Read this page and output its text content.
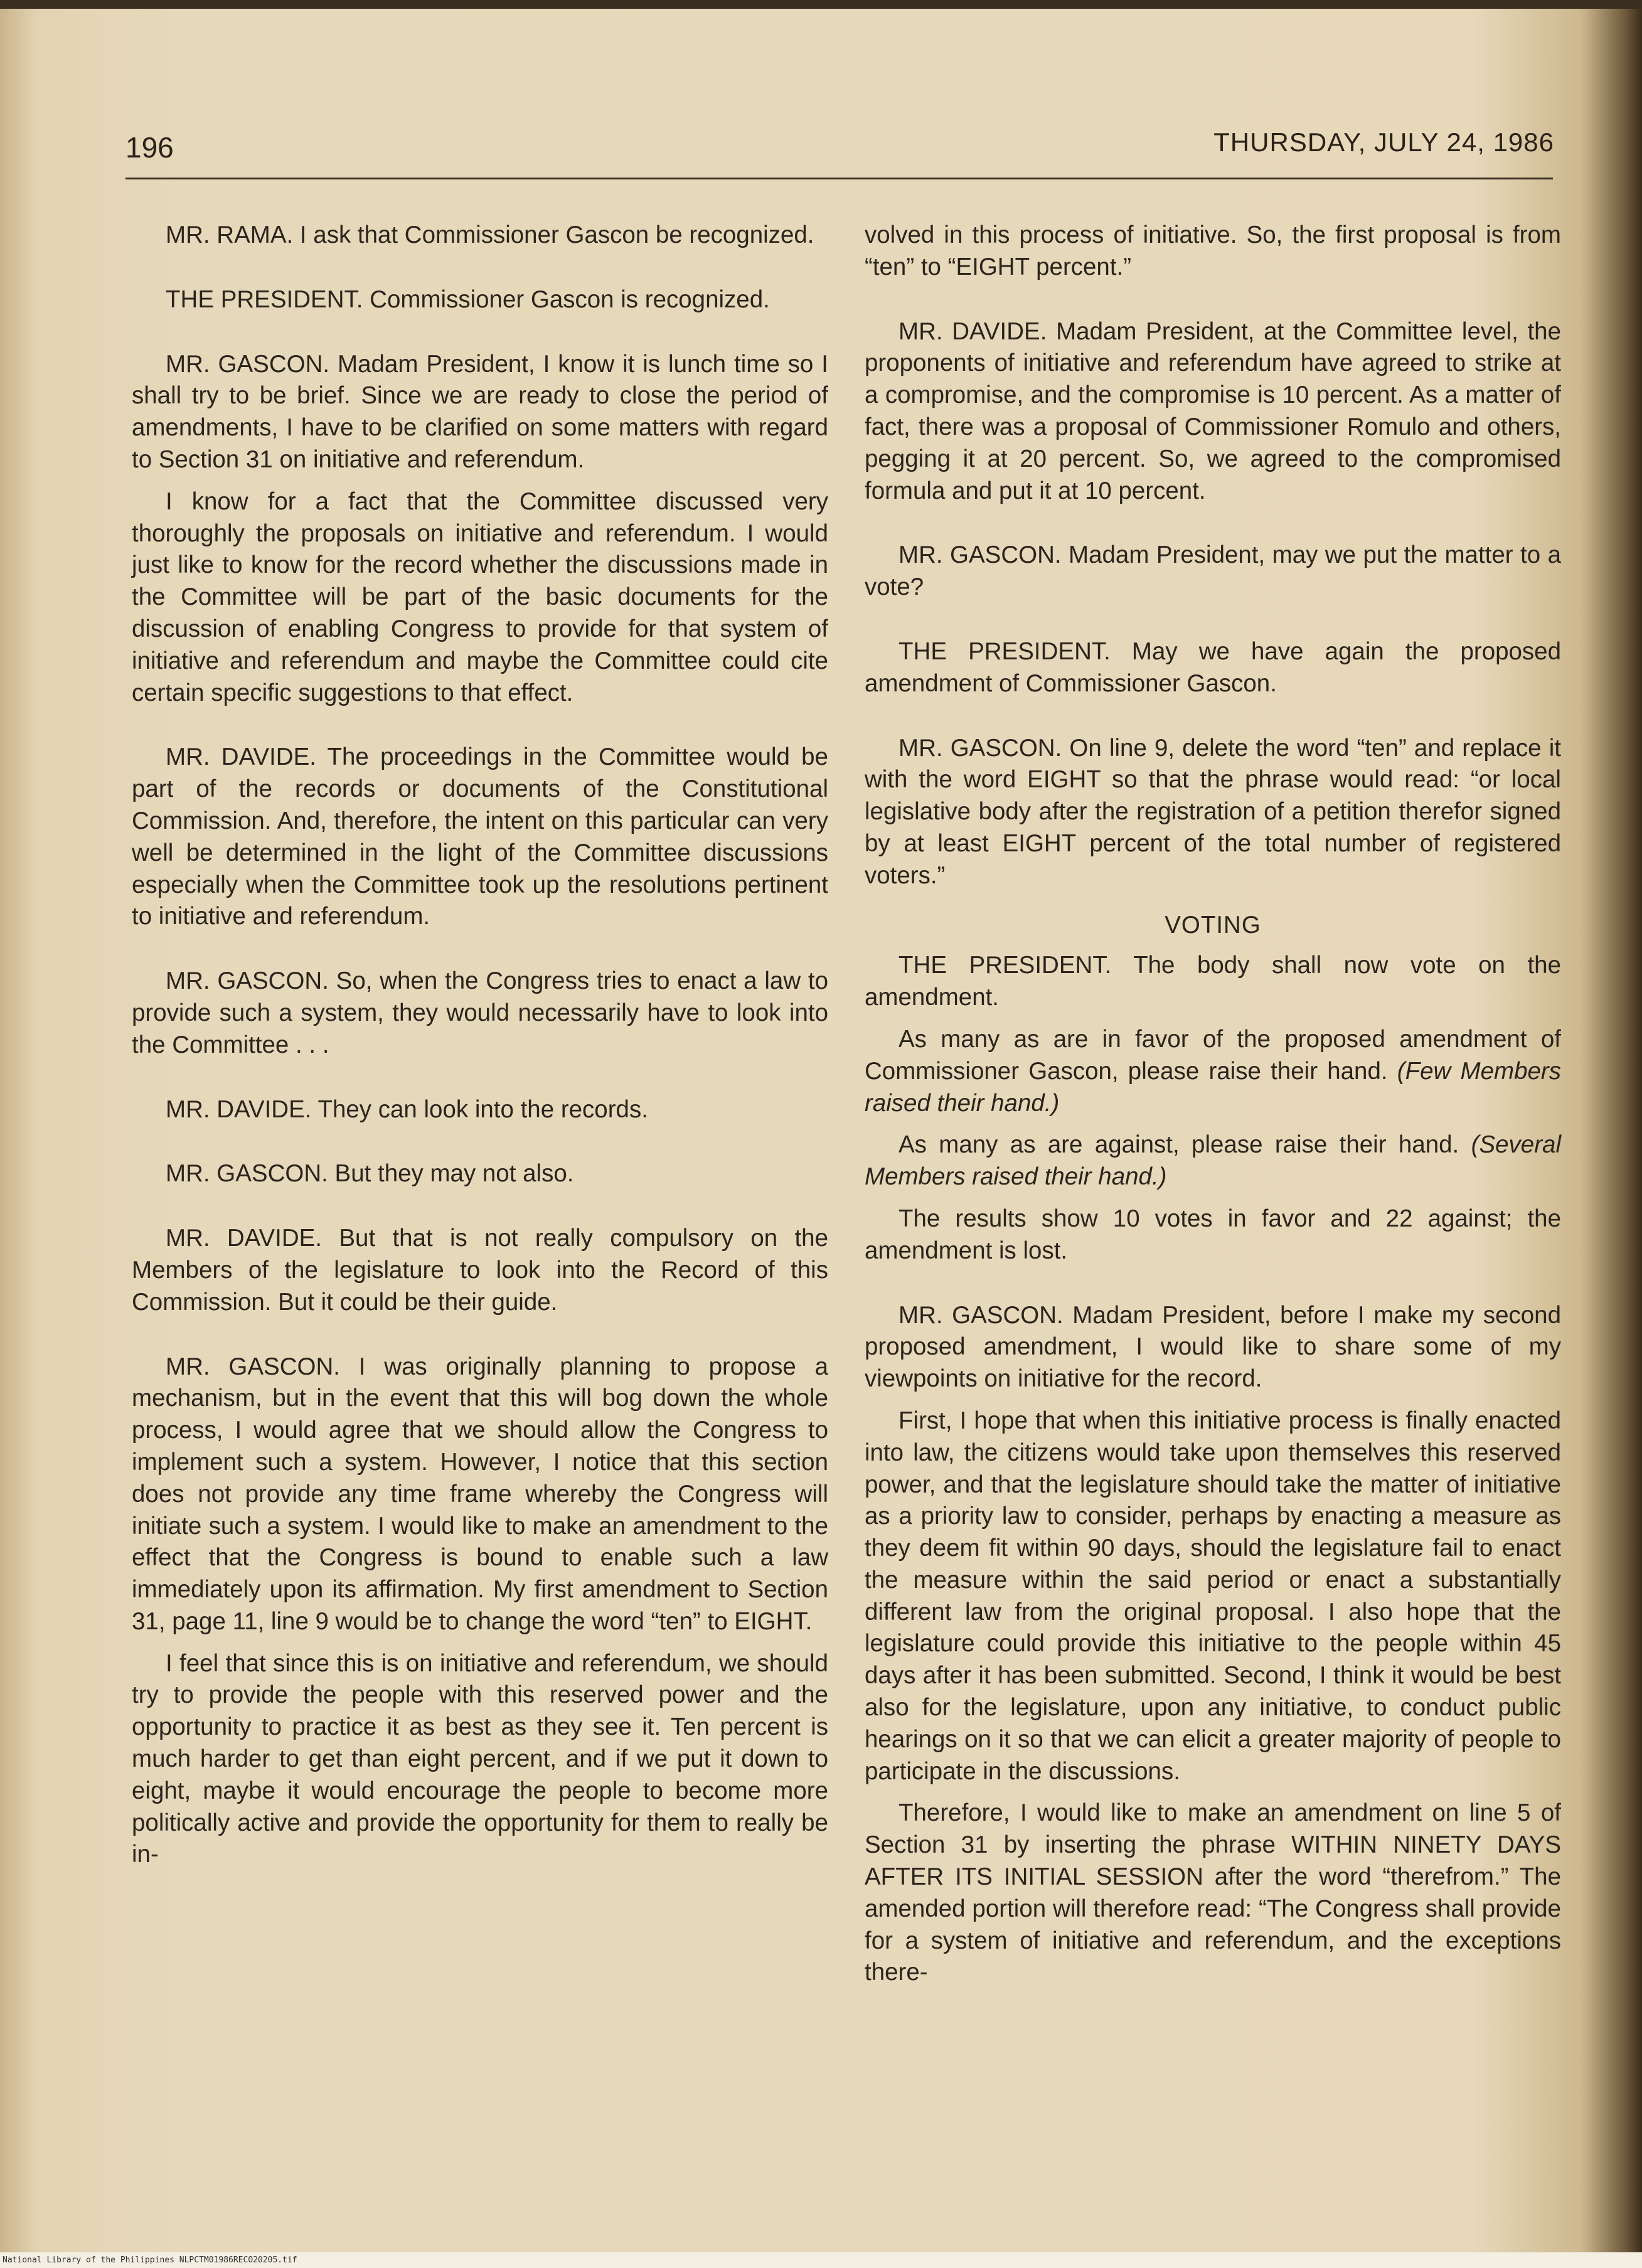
196	THURSDAY, JULY 24, 1986

MR. RAMA. I ask that Commissioner Gascon be recognized.

THE PRESIDENT. Commissioner Gascon is recognized.

MR. GASCON. Madam President, I know it is lunch time so I shall try to be brief. Since we are ready to close the period of amendments, I have to be clarified on some matters with regard to Section 31 on initiative and referendum.

I know for a fact that the Committee discussed very thoroughly the proposals on initiative and referendum. I would just like to know for the record whether the discussions made in the Committee will be part of the basic documents for the discussion of enabling Congress to provide for that system of initiative and referendum and maybe the Committee could cite certain specific suggestions to that effect.

MR. DAVIDE. The proceedings in the Committee would be part of the records or documents of the Constitutional Commission. And, therefore, the intent on this particular can very well be determined in the light of the Committee discussions especially when the Committee took up the resolutions pertinent to initiative and referendum.

MR. GASCON. So, when the Congress tries to enact a law to provide such a system, they would necessarily have to look into the Committee . . .

MR. DAVIDE. They can look into the records.

MR. GASCON. But they may not also.

MR. DAVIDE. But that is not really compulsory on the Members of the legislature to look into the Record of this Commission. But it could be their guide.

MR. GASCON. I was originally planning to propose a mechanism, but in the event that this will bog down the whole process, I would agree that we should allow the Congress to implement such a system. However, I notice that this section does not provide any time frame whereby the Congress will initiate such a system. I would like to make an amendment to the effect that the Congress is bound to enable such a law immediately upon its affirmation. My first amendment to Section 31, page 11, line 9 would be to change the word “ten” to EIGHT.

I feel that since this is on initiative and referendum, we should try to provide the people with this reserved power and the opportunity to practice it as best as they see it. Ten percent is much harder to get than eight percent, and if we put it down to eight, maybe it would encourage the people to become more politically active and provide the opportunity for them to really be in-

volved in this process of initiative. So, the first proposal is from “ten” to “EIGHT percent.”

MR. DAVIDE. Madam President, at the Committee level, the proponents of initiative and referendum have agreed to strike at a compromise, and the compromise is 10 percent. As a matter of fact, there was a proposal of Commissioner Romulo and others, pegging it at 20 percent. So, we agreed to the compromised formula and put it at 10 percent.

MR. GASCON. Madam President, may we put the matter to a vote?

THE PRESIDENT. May we have again the proposed amendment of Commissioner Gascon.

MR. GASCON. On line 9, delete the word “ten” and replace it with the word EIGHT so that the phrase would read: “or local legislative body after the registration of a petition therefor signed by at least EIGHT percent of the total number of registered voters.”

VOTING

THE PRESIDENT. The body shall now vote on the amendment.

As many as are in favor of the proposed amendment of Commissioner Gascon, please raise their hand. (Few Members raised their hand.)

As many as are against, please raise their hand. (Several Members raised their hand.)

The results show 10 votes in favor and 22 against; the amendment is lost.

MR. GASCON. Madam President, before I make my second proposed amendment, I would like to share some of my viewpoints on initiative for the record.

First, I hope that when this initiative process is finally enacted into law, the citizens would take upon themselves this reserved power, and that the legislature should take the matter of initiative as a priority law to consider, perhaps by enacting a measure as they deem fit within 90 days, should the legislature fail to enact the measure within the said period or enact a substantially different law from the original proposal. I also hope that the legislature could provide this initiative to the people within 45 days after it has been submitted. Second, I think it would be best also for the legislature, upon any initiative, to conduct public hearings on it so that we can elicit a greater majority of people to participate in the discussions.

Therefore, I would like to make an amendment on line 5 of Section 31 by inserting the phrase WITHIN NINETY DAYS AFTER ITS INITIAL SESSION after the word “therefrom.” The amended portion will therefore read: “The Congress shall provide for a system of initiative and referendum, and the exceptions there-

National Library of the Philippines NLPCTM01986RECO20205.tif
